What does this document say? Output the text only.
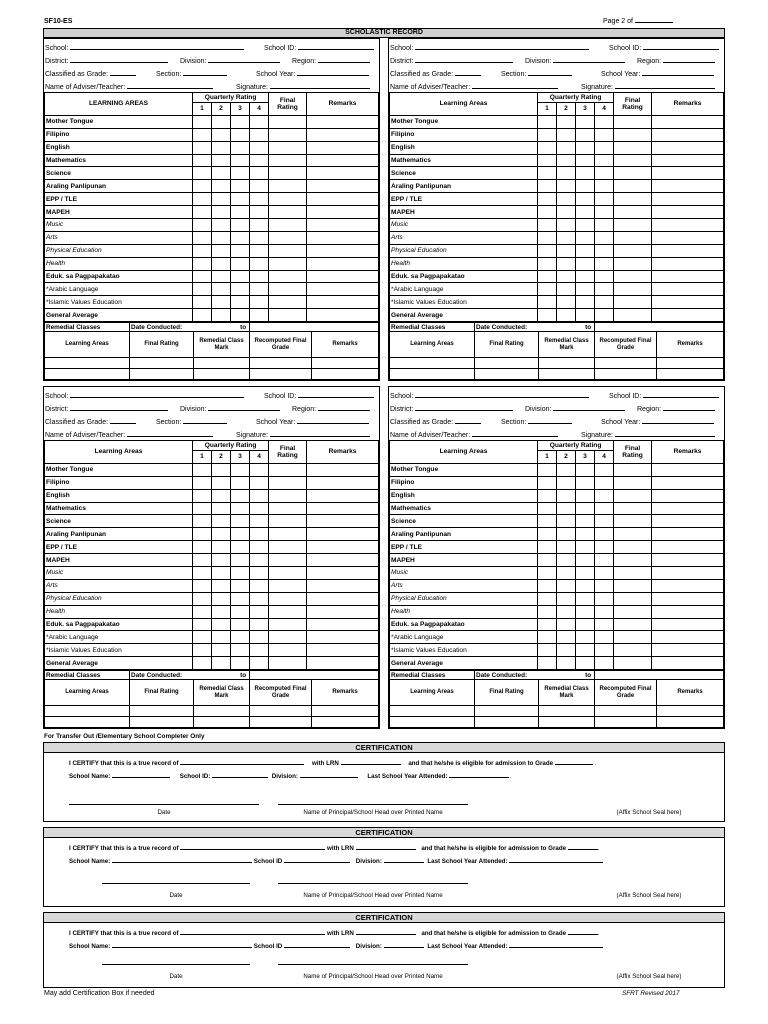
SF10-ES	Page 2 of
SCHOLASTIC RECORD
School:	School ID:
District:	Division:	Region:
Classified as Grade:	Section:	School Year:
Name of Adviser/Teacher:	Signature:
LEARNING AREAS	Quarterly Rating				Final Rating	Remarks
	1	2	3	4		
Mother Tongue						
Filipino						
English						
Mathematics						
Science						
Araling Panlipunan						
EPP / TLE						
MAPEH						
Music						
Arts						
Physical Education						
Health						
Eduk. sa Pagpapakatao						
*Arabic Language						
*Islamic Values Education						
General Average						
Remedial Classes	Date Conducted: to			
Learning Areas	Final Rating	Remedial Class Mark	Recomputed Final Grade	Remarks

School:	School ID:
District:	Division:	Region:
Classified as Grade:	Section:	School Year:
Name of Adviser/Teacher:	Signature:
Learning Areas	Quarterly Rating				Final Rating	Remarks
	1	2	3	4		
Mother Tongue						
Filipino						
English						
Mathematics						
Science						
Araling Panlipunan						
EPP / TLE						
MAPEH						
Music						
Arts						
Physical Education						
Health						
Eduk. sa Pagpapakatao						
*Arabic Language						
*Islamic Values Education						
General Average						
Remedial Classes	Date Conducted: to			
Learning Areas	Final Rating	Remedial Class Mark	Recomputed Final Grade	Remarks

School:	School ID:
District:	Division:	Region:
Classified as Grade:	Section:	School Year:
Name of Adviser/Teacher:	Signature:
Learning Areas	Quarterly Rating				Final Rating	Remarks
	1	2	3	4		
Mother Tongue						
Filipino						
English						
Mathematics						
Science						
Araling Panlipunan						
EPP / TLE						
MAPEH						
Music						
Arts						
Physical Education						
Health						
Eduk. sa Pagpapakatao						
*Arabic Language						
*Islamic Values Education						
General Average						
Remedial Classes	Date Conducted: to			
Learning Areas	Final Rating	Remedial Class Mark	Recomputed Final Grade	Remarks

School:	School ID:
District:	Division:	Region:
Classified as Grade:	Section:	School Year:
Name of Adviser/Teacher:	Signature:
Learning Areas	Quarterly Rating				Final Rating	Remarks
	1	2	3	4		
Mother Tongue						
Filipino						
English						
Mathematics						
Science						
Araling Panlipunan						
EPP / TLE						
MAPEH						
Music						
Arts						
Physical Education						
Health						
Eduk. sa Pagpapakatao						
*Arabic Language						
*Islamic Values Education						
General Average						
Remedial Classes	Date Conducted: to			
Learning Areas	Final Rating	Remedial Class Mark	Recomputed Final Grade	Remarks

For Transfer Out /Elementary School Completer Only
CERTIFICATION
I CERTIFY that this is a true record of	with LRN	and that he/she is eligible for admission to Grade	.
School Name:	School ID:	Division:	Last School Year Attended:	.
Date	Name of Principal/School Head over Printed Name	(Affix School Seal here)
CERTIFICATION
I CERTIFY that this is a true record of	with LRN	and that he/she is eligible for admission to Grade	.
School Name:	School ID	Division:	Last School Year Attended:
Date	Name of Principal/School Head over Printed Name	(Affix School Seal here)
CERTIFICATION
I CERTIFY that this is a true record of	with LRN	and that he/she is eligible for admission to Grade	.
School Name:	School ID	Division:	Last School Year Attended:
Date	Name of Principal/School Head over Printed Name	(Affix School Seal here)
May add Certification Box if needed	SFRT Revised 2017
